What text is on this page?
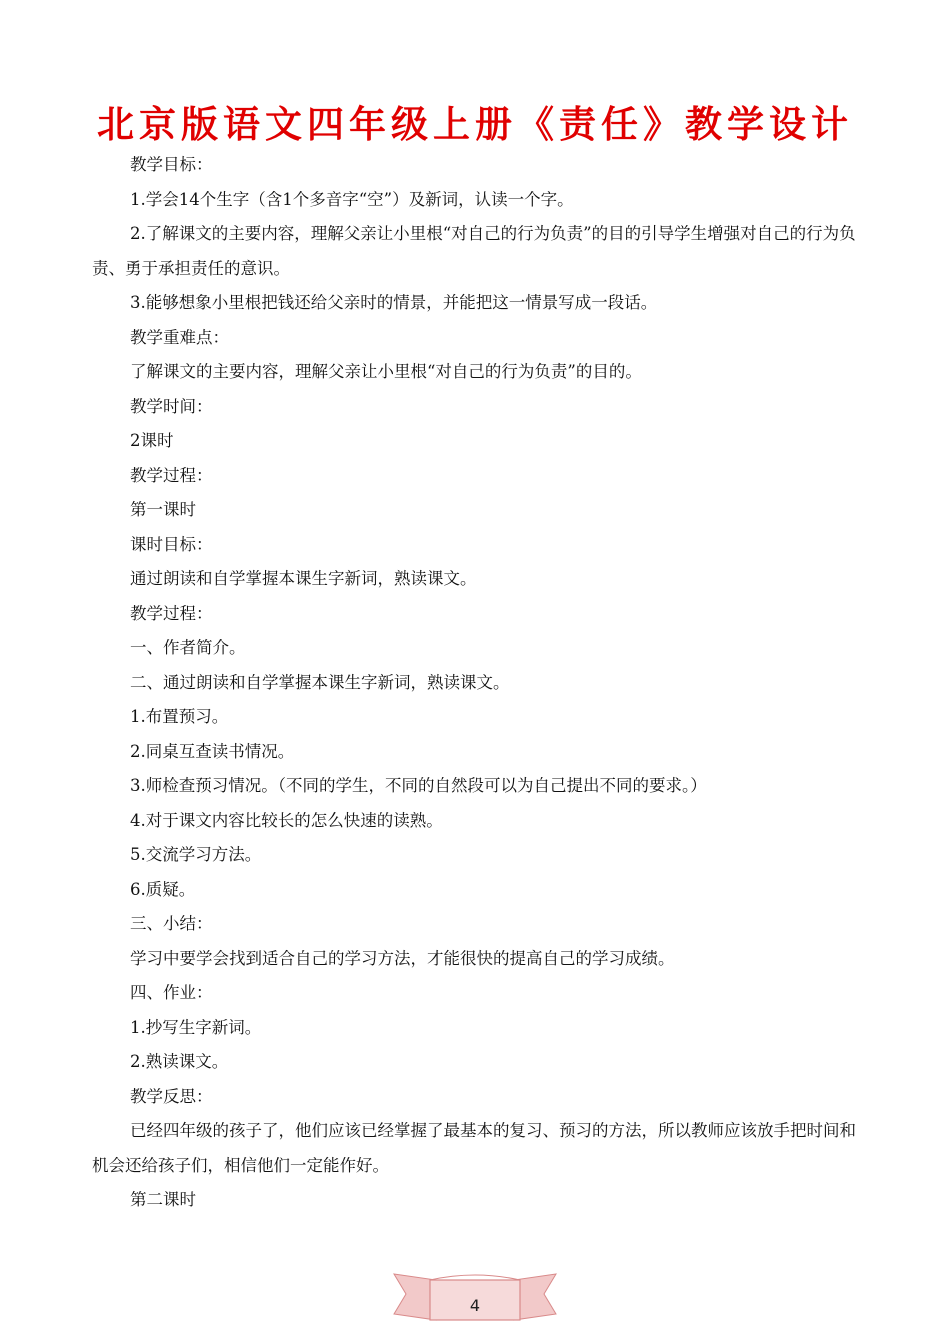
北京版语文四年级上册《责任》教学设计

教学目标：

1.学会14个生字（含1个多音字“空”）及新词，认读一个字。

2.了解课文的主要内容，理解父亲让小里根“对自己的行为负责”的目的引导学生增强对自己的行为负责、勇于承担责任的意识。

3.能够想象小里根把钱还给父亲时的情景，并能把这一情景写成一段话。

教学重难点：

了解课文的主要内容，理解父亲让小里根“对自己的行为负责”的目的。

教学时间：

2课时

教学过程：

第一课时

课时目标：

通过朗读和自学掌握本课生字新词，熟读课文。

教学过程：

一、作者简介。

二、通过朗读和自学掌握本课生字新词，熟读课文。

1.布置预习。

2.同桌互查读书情况。

3.师检查预习情况。（不同的学生，不同的自然段可以为自己提出不同的要求。）

4.对于课文内容比较长的怎么快速的读熟。

5.交流学习方法。

6.质疑。

三、小结：

学习中要学会找到适合自己的学习方法，才能很快的提高自己的学习成绩。

四、作业：

1.抄写生字新词。

2.熟读课文。

教学反思：

已经四年级的孩子了，他们应该已经掌握了最基本的复习、预习的方法，所以教师应该放手把时间和机会还给孩子们，相信他们一定能作好。

第二课时

4
